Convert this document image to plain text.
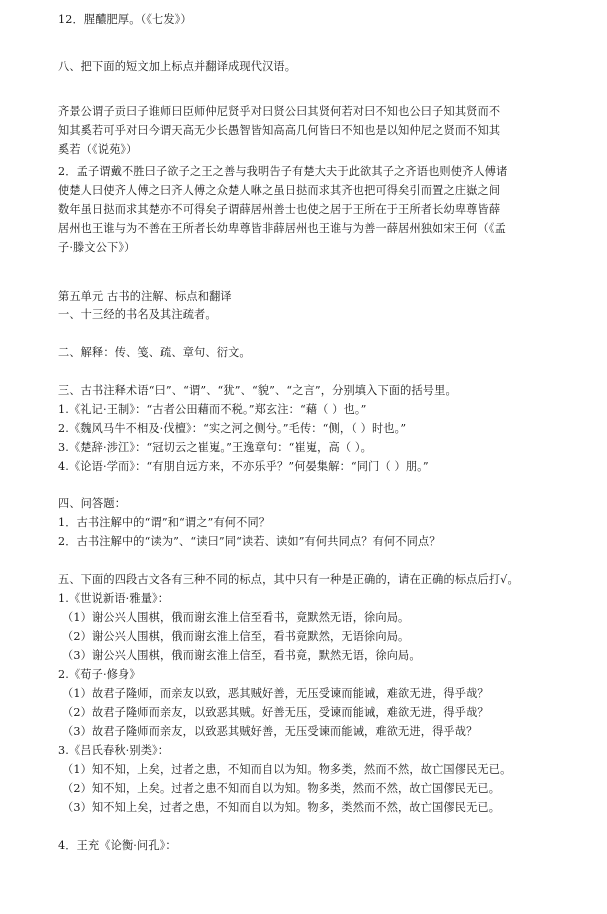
12．腥醲肥厚。（《七发》）
八、把下面的短文加上标点并翻译成现代汉语。
齐景公谓子贡曰子谁师曰臣师仲尼贤乎对曰贤公曰其贤何若对曰不知也公曰子知其贤而不
知其奚若可乎对曰今谓天高无少长愚智皆知高高几何皆曰不知也是以知仲尼之贤而不知其
奚若（《说苑》）
2．孟子谓戴不胜曰子欲子之王之善与我明告子有楚大夫于此欲其子之齐语也则使齐人傅诸
使楚人曰使齐人傅之曰齐人傅之众楚人咻之虽日挞而求其齐也把可得矣引而置之庄嶽之间
数年虽日挞而求其楚亦不可得矣子谓薛居州善士也使之居于王所在于王所者长幼卑尊皆薛
居州也王谁与为不善在王所者长幼卑尊皆非薛居州也王谁与为善一薛居州独如宋王何（《孟
子·滕文公下》）
第五单元 古书的注解、标点和翻译
一、十三经的书名及其注疏者。
二、解释：传、笺、疏、章句、衍文。
三、古书注释术语“曰”、“谓”、“犹”、“貌”、“之言”，分别填入下面的括号里。
1.《礼记·王制》：“古者公田藉而不税。”郑玄注：“藉（ ）也。”
2.《魏风马牛不相及·伐檀》：“实之河之侧兮。”毛传：“侧，（ ）时也。”
3.《楚辞·涉江》：“冠切云之崔嵬。”王逸章句：“崔嵬，高（ ）。
4.《论语·学而》：“有朋自远方来，不亦乐乎？”何晏集解：“同门（ ）朋。”
四、问答题：
1．古书注解中的“谓”和“谓之”有何不同？
2．古书注解中的“读为”、“读曰”同“读若、读如”有何共同点？有何不同点？
五、下面的四段古文各有三种不同的标点，其中只有一种是正确的，请在正确的标点后打√。
1.《世说新语·雅量》：
（1）谢公兴人围棋，俄而谢玄淮上信至看书，竟默然无语，徐向局。
（2）谢公兴人围棋，俄而谢玄淮上信至，看书竟默然，无语徐向局。
（3）谢公兴人围棋，俄而谢玄淮上信至，看书竟，默然无语，徐向局。
2.《荀子·修身》
（1）故君子隆师，而亲友以致，恶其贼好善，无压受谏而能诫，难欲无进，得乎哉？
（2）故君子隆师而亲友，以致恶其贼。好善无压，受谏而能诫，难欲无进，得乎哉？
（3）故君子隆师而亲友，以致恶其贼好善，无压受谏而能诫，难欲无进，得乎哉？
3.《吕氏春秋·别类》：
（1）知不知，上矣，过者之患，不知而自以为知。物多类，然而不然，故亡国僇民无已。
（2）知不知，上矣。过者之患不知而自以为知。物多类，然而不然，故亡国僇民无已。
（3）知不知上矣，过者之患，不知而自以为知。物多，类然而不然，故亡国僇民无已。
4．王充《论衡·问孔》：
